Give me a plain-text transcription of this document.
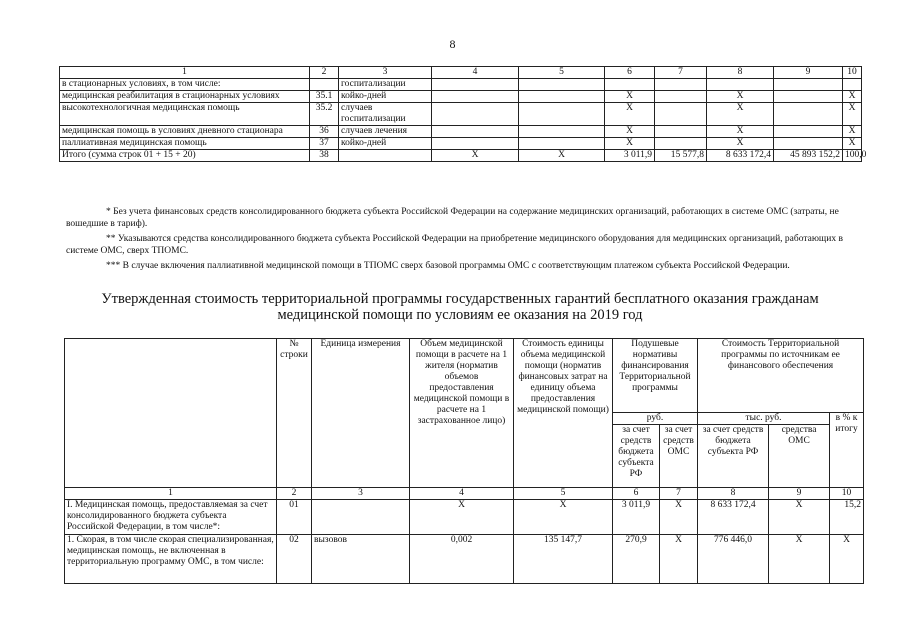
8
1	2	3	4	5	6	7	8	9	10
в стационарных условиях, в том числе:		госпитализации							
медицинская реабилитация в стационарных условиях	35.1	койко-дней			Х		Х		Х
высокотехнологичная медицинская помощь	35.2	случаев госпитализации			Х		Х		Х
медицинская помощь в условиях дневного стационара	36	случаев лечения			Х		Х		Х
паллиативная медицинская помощь	37	койко-дней			Х		Х		Х
Итого (сумма строк 01 + 15 + 20)	38		Х	Х	3 011,9	15 577,8	8 633 172,4	45 893 152,2	100,0

* Без учета финансовых средств консолидированного бюджета субъекта Российской Федерации на содержание медицинских организаций, работающих в системе ОМС (затраты, не вошедшие в тариф).

** Указываются средства консолидированного бюджета субъекта Российской Федерации на приобретение медицинского оборудования для медицинских организаций, работающих в системе ОМС, сверх ТПОМС.

*** В случае включения паллиативной медицинской помощи в ТПОМС сверх базовой программы ОМС с соответствующим платежом субъекта Российской Федерации.

Утвержденная стоимость территориальной программы государственных гарантий бесплатного оказания гражданам
медицинской помощи по условиям ее оказания на 2019 год
	№ строки	Единица измерения	Объем медицинской помощи в расчете на 1 жителя (норматив объемов предоставления медицинской помощи в расчете на 1 застрахованное лицо)	Стоимость единицы объема медицинской помощи (норматив финансовых затрат на единицу объема предоставления медицинской помощи)	Подушевые нормативы финансирования Территориальной программы		Стоимость Территориальной программы по источникам ее финансового обеспечения		
					руб.		тыс. руб.		в % к итогу
					за счет средств бюджета субъекта РФ	за счет средств ОМС	за счет средств бюджета субъекта РФ	средства ОМС	
1	2	3	4	5	6	7	8	9	10
I. Медицинская помощь, предоставляемая за счет консолидированного бюджета субъекта Российской Федерации, в том числе*:	01		Х	Х	3 011,9	Х	8 633 172,4	Х	15,2
1. Скорая, в том числе скорая специализированная, медицинская помощь, не включенная в территориальную программу ОМС, в том числе:	02	вызовов	0,002	135 147,7	270,9	Х	776 446,0	Х	Х
